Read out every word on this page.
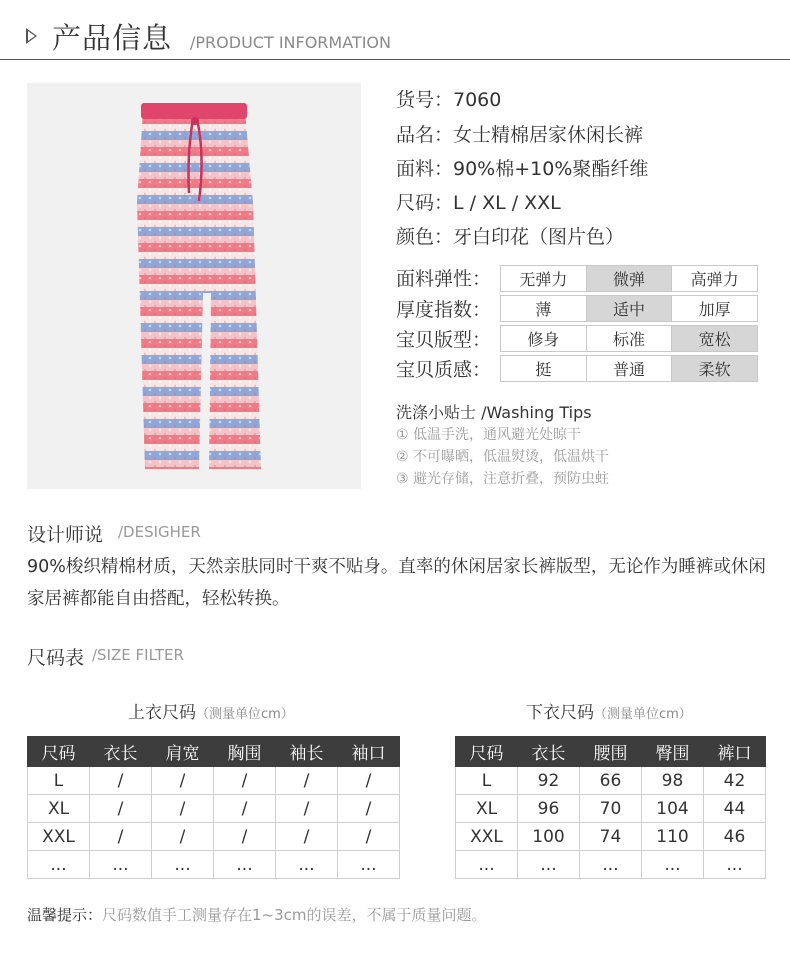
产品信息 /PRODUCT INFORMATION
货号：7060
品名：女士精棉居家休闲长裤
面料：90%棉+10%聚酯纤维
尺码：L / XL / XXL
颜色：牙白印花（图片色）
面料弹性：	无弹力	微弹	高弹力
厚度指数：	薄	适中	加厚
宝贝版型：	修身	标准	宽松
宝贝质感：	挺	普通	柔软
洗涤小贴士 /Washing Tips
① 低温手洗，通风避光处晾干
② 不可曝晒，低温熨烫，低温烘干
③ 避光存储，注意折叠，预防虫蛀
设计师说 /DESIGHER
90%梭织精棉材质，天然亲肤同时干爽不贴身。直率的休闲居家长裤版型，无论作为睡裤或休闲家居裤都能自由搭配，轻松转换。
尺码表 /SIZE FILTER
上衣尺码（测量单位cm）
尺码	衣长	肩宽	胸围	袖长	袖口
L	/	/	/	/	/
XL	/	/	/	/	/
XXL	/	/	/	/	/
...	...	...	...	...	...
下衣尺码（测量单位cm）
尺码	衣长	腰围	臀围	裤口
L	92	66	98	42
XL	96	70	104	44
XXL	100	74	110	46
...	...	...	...	...
温馨提示：尺码数值手工测量存在1~3cm的误差，不属于质量问题。
